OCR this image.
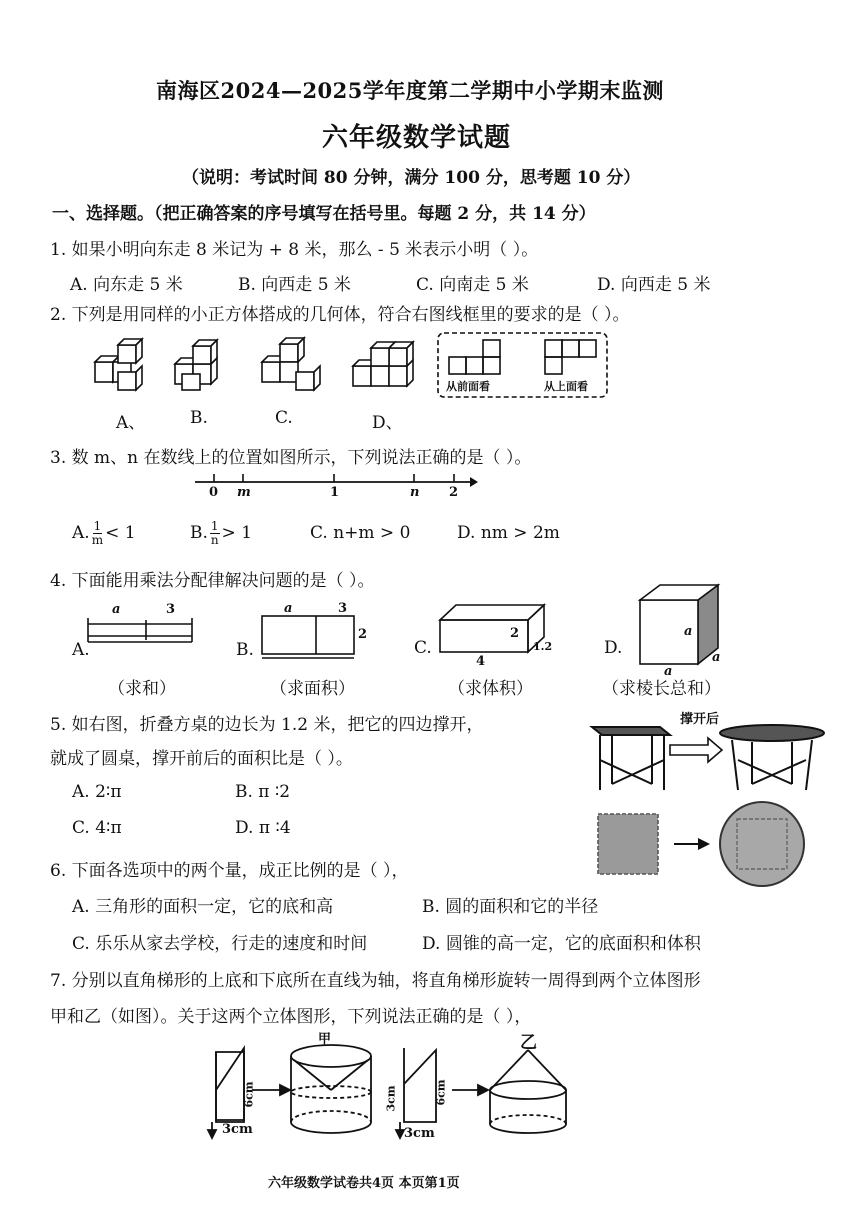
南海区2024—2025学年度第二学期中小学期末监测
六年级数学试题
（说明：考试时间 80 分钟，满分 100 分，思考题 10 分）
一、选择题。（把正确答案的序号填写在括号里。每题 2 分，共 14 分）
1. 如果小明向东走 8 米记为 + 8 米，那么 - 5 米表示小明（ ）。
A. 向东走 5 米	B. 向西走 5 米	C. 向南走 5 米	D. 向西走 5 米
2. 下列是用同样的小正方体搭成的几何体，符合右图线框里的要求的是（ ）。
从前面看	从上面看
A、	B.	C.	D、
3. 数 m、n 在数线上的位置如图所示，下列说法正确的是（ ）。
0 m	1	n 2
A. $\frac{1}{m} < 1$	B. $\frac{1}{n} > 1$	C. n+m > 0	D. nm > 2m
4. 下面能用乘法分配律解决问题的是（ ）。
A.
a	3
B.
a	3
2
C.
2
1.2
4
D.
a
a
a
（求和）	（求面积）	（求体积）	（求棱长总和）
5. 如右图，折叠方桌的边长为 1.2 米，把它的四边撑开，
就成了圆桌，撑开前后的面积比是（ ）。
A. 2∶π	B. π ∶2
C. 4∶π	D. π ∶4
撑开后
6. 下面各选项中的两个量，成正比例的是（ ），
A. 三角形的面积一定，它的底和高	B. 圆的面积和它的半径
C. 乐乐从家去学校，行走的速度和时间	D. 圆锥的高一定，它的底面积和体积
7. 分别以直角梯形的上底和下底所在直线为轴，将直角梯形旋转一周得到两个立体图形
甲和乙（如图）。关于这两个立体图形，下列说法正确的是（ ），
甲	乙
6cm
3cm
3cm	6cm
3cm
六年级数学试卷共4页 本页第1页
